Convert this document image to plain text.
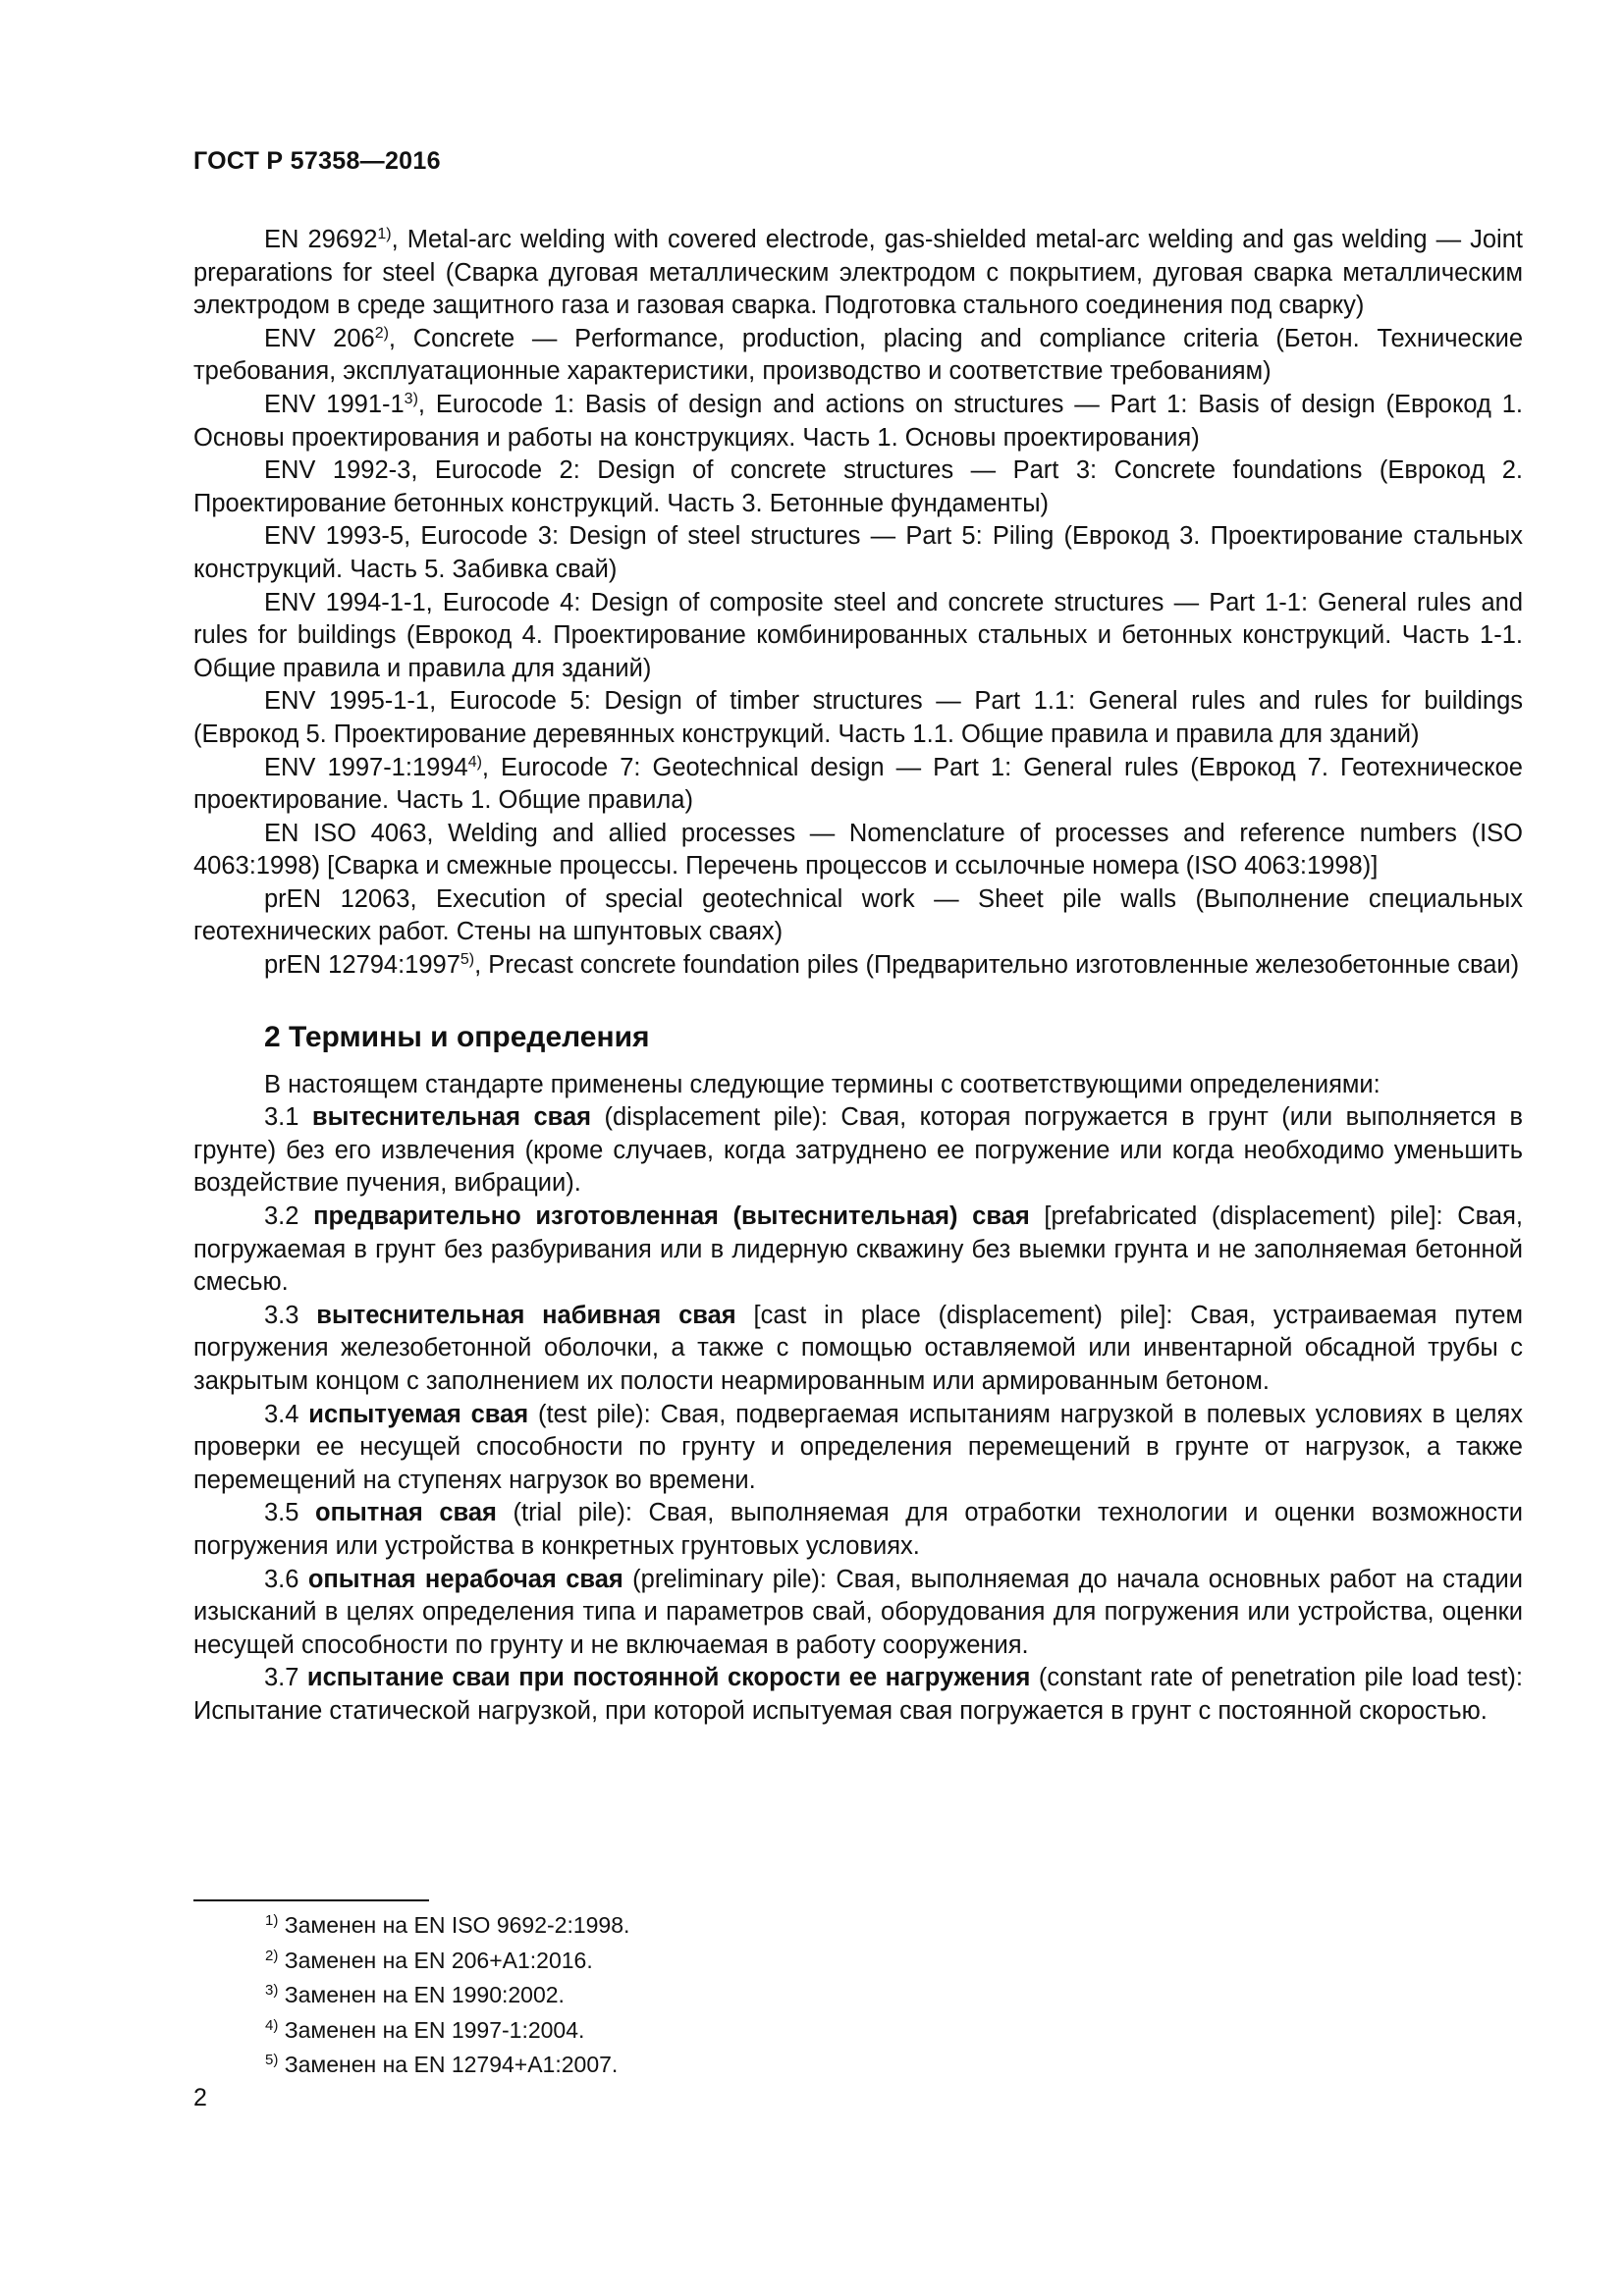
ГОСТ Р 57358—2016

EN 29692$^{1)}$, Metal-arc welding with covered electrode, gas-shielded metal-arc welding and gas welding — Joint preparations for steel (Сварка дуговая металлическим электродом с покрытием, дуговая сварка металлическим электродом в среде защитного газа и газовая сварка. Подготовка стального соединения под сварку)

ENV 206$^{2)}$, Concrete — Performance, production, placing and compliance criteria (Бетон. Технические требования, эксплуатационные характеристики, производство и соответствие требованиям)

ENV 1991-1$^{3)}$, Eurocode 1: Basis of design and actions on structures — Part 1: Basis of design (Еврокод 1. Основы проектирования и работы на конструкциях. Часть 1. Основы проектирования)

ENV 1992-3, Eurocode 2: Design of concrete structures — Part 3: Concrete foundations (Еврокод 2. Проектирование бетонных конструкций. Часть 3. Бетонные фундаменты)

ENV 1993-5, Eurocode 3: Design of steel structures — Part 5: Piling (Еврокод 3. Проектирование стальных конструкций. Часть 5. Забивка свай)

ENV 1994-1-1, Eurocode 4: Design of composite steel and concrete structures — Part 1-1: General rules and rules for buildings (Еврокод 4. Проектирование комбинированных стальных и бетонных конструкций. Часть 1-1. Общие правила и правила для зданий)

ENV 1995-1-1, Eurocode 5: Design of timber structures — Part 1.1: General rules and rules for buildings (Еврокод 5. Проектирование деревянных конструкций. Часть 1.1. Общие правила и правила для зданий)

ENV 1997-1:1994$^{4)}$, Eurocode 7: Geotechnical design — Part 1: General rules (Еврокод 7. Геотехническое проектирование. Часть 1. Общие правила)

EN ISO 4063, Welding and allied processes — Nomenclature of processes and reference numbers (ISO 4063:1998) [Сварка и смежные процессы. Перечень процессов и ссылочные номера (ISO 4063:1998)]

prEN 12063, Execution of special geotechnical work — Sheet pile walls (Выполнение специальных геотехнических работ. Стены на шпунтовых сваях)

prEN 12794:1997$^{5)}$, Precast concrete foundation piles (Предварительно изготовленные железобетонные сваи)

2 Термины и определения

В настоящем стандарте применены следующие термины с соответствующими определениями:

3.1 вытеснительная свая (displacement pile): Свая, которая погружается в грунт (или выполняется в грунте) без его извлечения (кроме случаев, когда затруднено ее погружение или когда необходимо уменьшить воздействие пучения, вибрации).

3.2 предварительно изготовленная (вытеснительная) свая [prefabricated (displacement) pile]: Свая, погружаемая в грунт без разбуривания или в лидерную скважину без выемки грунта и не заполняемая бетонной смесью.

3.3 вытеснительная набивная свая [cast in place (displacement) pile]: Свая, устраиваемая путем погружения железобетонной оболочки, а также с помощью оставляемой или инвентарной обсадной трубы с закрытым концом с заполнением их полости неармированным или армированным бетоном.

3.4 испытуемая свая (test pile): Свая, подвергаемая испытаниям нагрузкой в полевых условиях в целях проверки ее несущей способности по грунту и определения перемещений в грунте от нагрузок, а также перемещений на ступенях нагрузок во времени.

3.5 опытная свая (trial pile): Свая, выполняемая для отработки технологии и оценки возможности погружения или устройства в конкретных грунтовых условиях.

3.6 опытная нерабочая свая (preliminary pile): Свая, выполняемая до начала основных работ на стадии изысканий в целях определения типа и параметров свай, оборудования для погружения или устройства, оценки несущей способности по грунту и не включаемая в работу сооружения.

3.7 испытание сваи при постоянной скорости ее нагружения (constant rate of penetration pile load test): Испытание статической нагрузкой, при которой испытуемая свая погружается в грунт с постоянной скоростью.

$^{1)}$ Заменен на EN ISO 9692-2:1998.

$^{2)}$ Заменен на EN 206+A1:2016.

$^{3)}$ Заменен на EN 1990:2002.

$^{4)}$ Заменен на EN 1997-1:2004.

$^{5)}$ Заменен на EN 12794+A1:2007.

2
